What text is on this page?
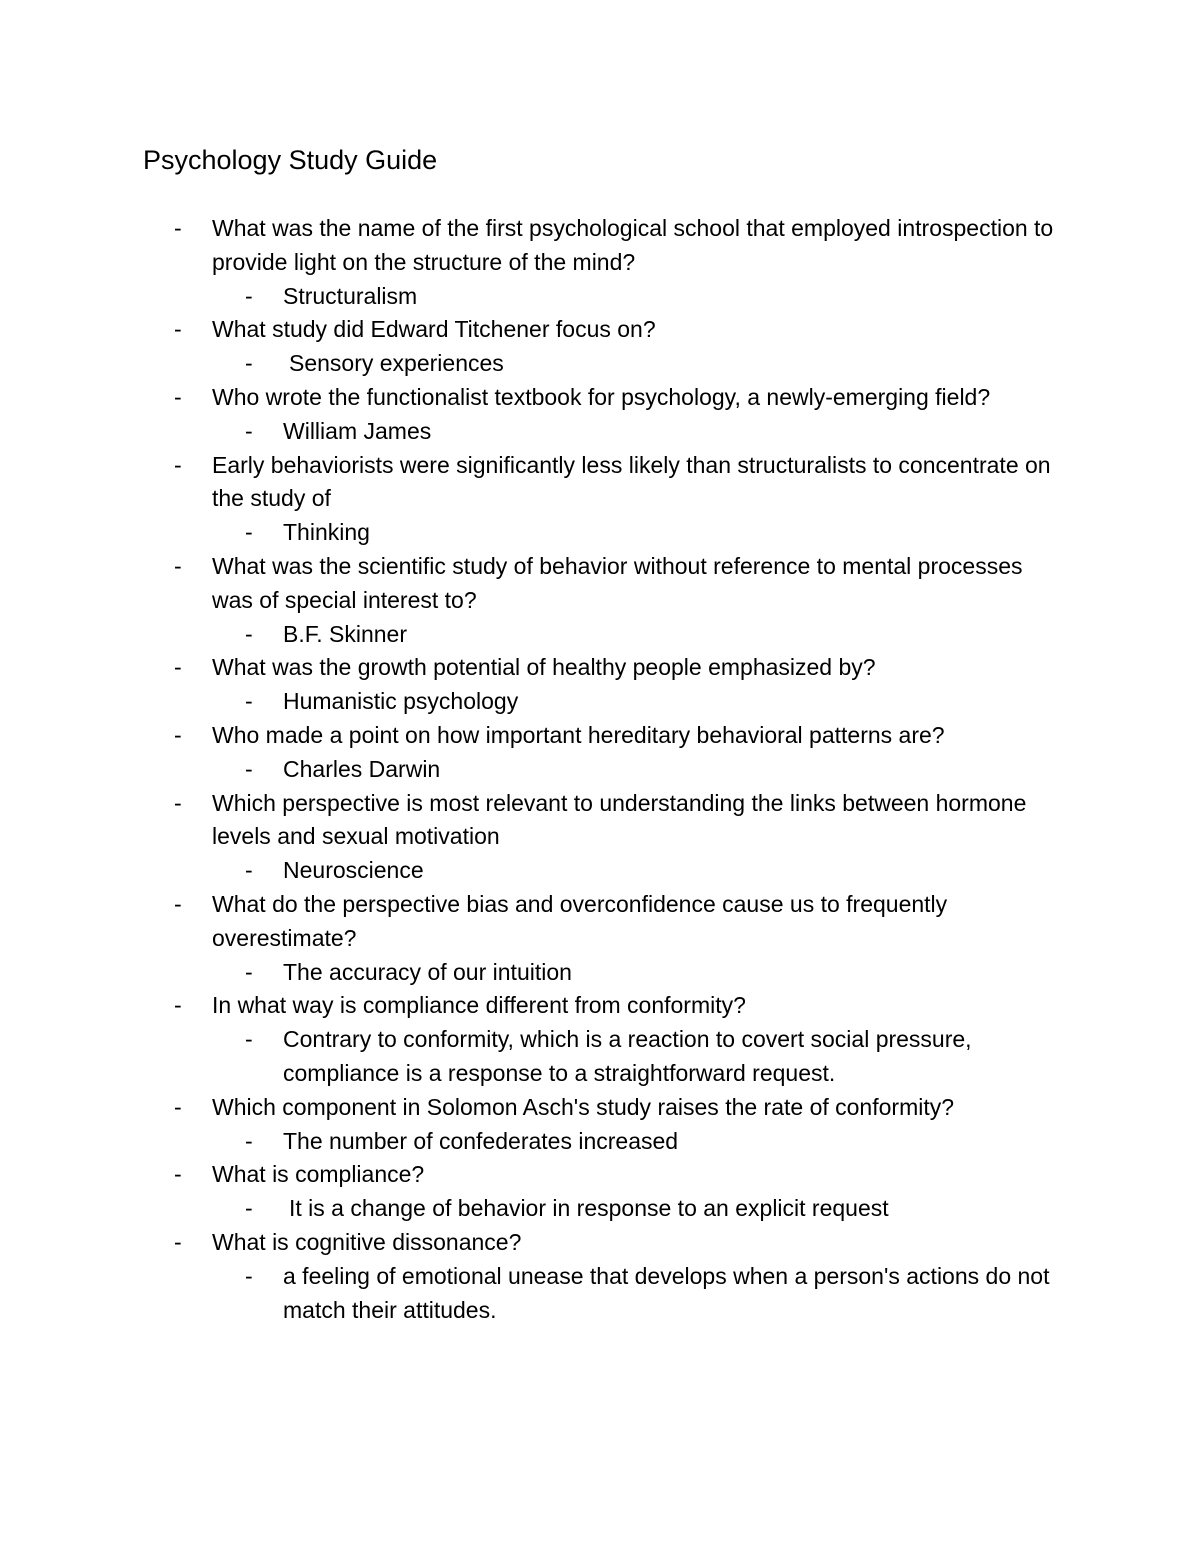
Psychology Study Guide
- What was the name of the first psychological school that employed introspection to provide light on the structure of the mind?
- Structuralism
- What study did Edward Titchener focus on?
- Sensory experiences
- Who wrote the functionalist textbook for psychology, a newly-emerging field?
- William James
- Early behaviorists were significantly less likely than structuralists to concentrate on the study of
- Thinking
- What was the scientific study of behavior without reference to mental processes was of special interest to?
- B.F. Skinner
- What was the growth potential of healthy people emphasized by?
- Humanistic psychology
- Who made a point on how important hereditary behavioral patterns are?
- Charles Darwin
- Which perspective is most relevant to understanding the links between hormone levels and sexual motivation
- Neuroscience
- What do the perspective bias and overconfidence cause us to frequently overestimate?
- The accuracy of our intuition
- In what way is compliance different from conformity?
- Contrary to conformity, which is a reaction to covert social pressure, compliance is a response to a straightforward request.
- Which component in Solomon Asch's study raises the rate of conformity?
- The number of confederates increased
- What is compliance?
- It is a change of behavior in response to an explicit request
- What is cognitive dissonance?
- a feeling of emotional unease that develops when a person's actions do not match their attitudes.
